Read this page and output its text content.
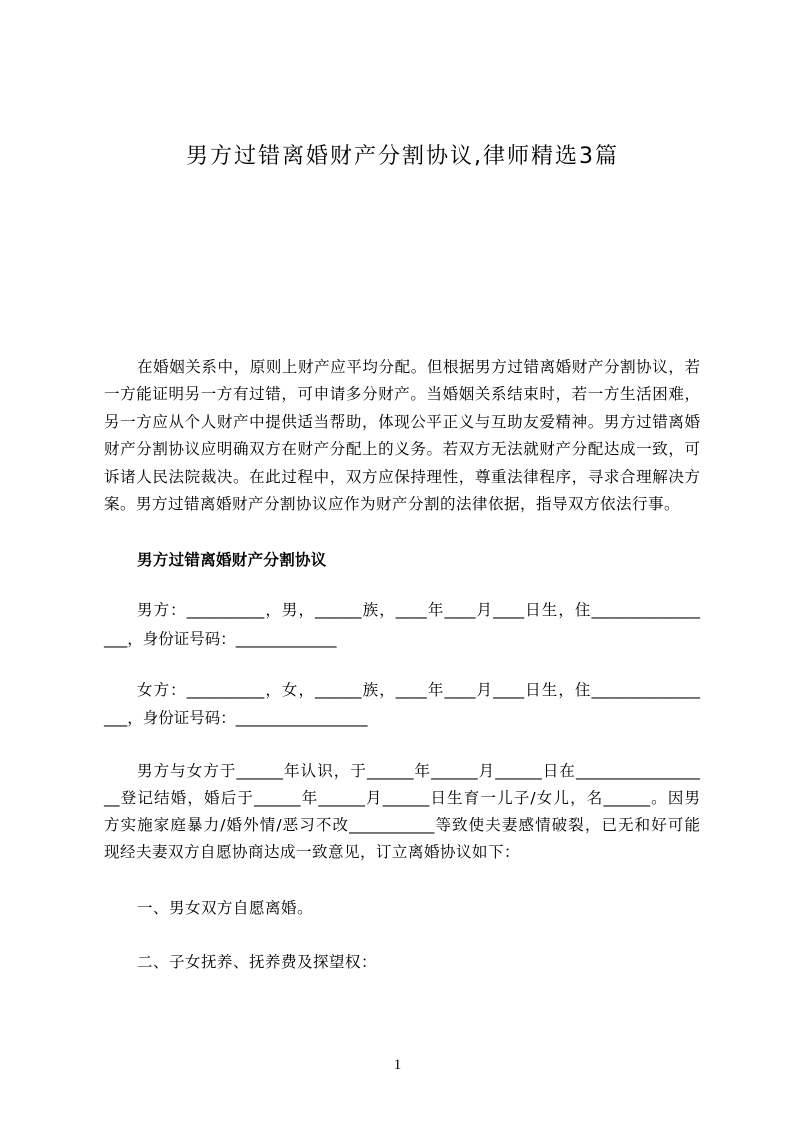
男方过错离婚财产分割协议,律师精选3篇
在婚姻关系中，原则上财产应平均分配。但根据男方过错离婚财产分割协议，若
一方能证明另一方有过错，可申请多分财产。当婚姻关系结束时，若一方生活困难，
另一方应从个人财产中提供适当帮助，体现公平正义与互助友爱精神。男方过错离婚
财产分割协议应明确双方在财产分配上的义务。若双方无法就财产分配达成一致，可
诉诸人民法院裁决。在此过程中，双方应保持理性，尊重法律程序，寻求合理解决方
案。男方过错离婚财产分割协议应作为财产分割的法律依据，指导双方依法行事。
男方过错离婚财产分割协议
男方：__________，男，______族，____年____月____日生，住______________
___，身份证号码：_____________
女方：__________，女，______族，____年____月____日生，住______________
___，身份证号码：_________________
男方与女方于______年认识，于______年______月______日在________________
__登记结婚，婚后于______年______月______日生育一儿子/女儿，名______。因男
方实施家庭暴力/婚外情/恶习不改___________等致使夫妻感情破裂，已无和好可能
现经夫妻双方自愿协商达成一致意见，订立离婚协议如下：
一、男女双方自愿离婚。
二、子女抚养、抚养费及探望权：
1
